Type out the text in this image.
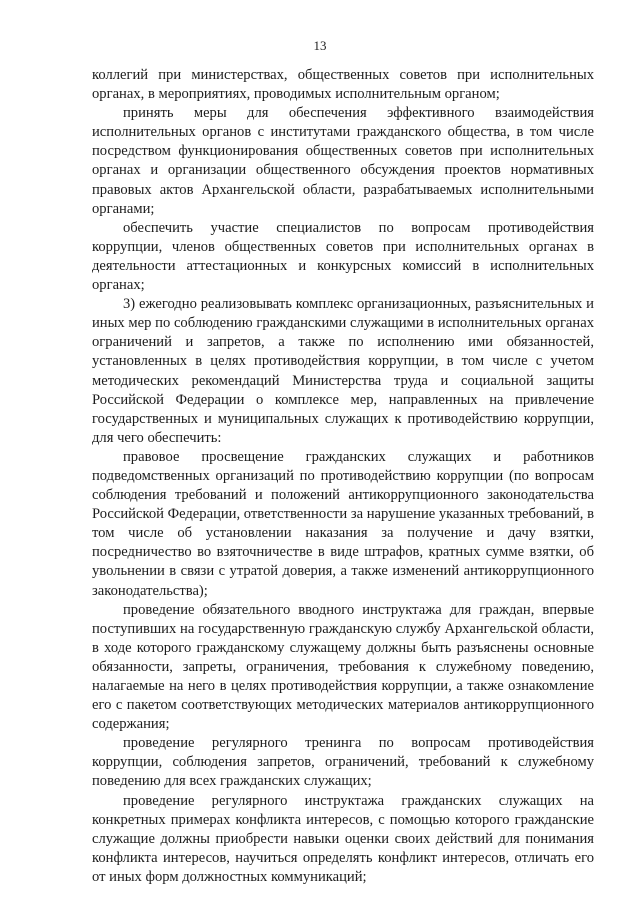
13

коллегий при министерствах, общественных советов при исполнительных органах, в мероприятиях, проводимых исполнительным органом;

принять меры для обеспечения эффективного взаимодействия исполнительных органов с институтами гражданского общества, в том числе посредством функционирования общественных советов при исполнительных органах и организации общественного обсуждения проектов нормативных правовых актов Архангельской области, разрабатываемых исполнительными органами;

обеспечить участие специалистов по вопросам противодействия коррупции, членов общественных советов при исполнительных органах в деятельности аттестационных и конкурсных комиссий в исполнительных органах;

3) ежегодно реализовывать комплекс организационных, разъяснительных и иных мер по соблюдению гражданскими служащими в исполнительных органах ограничений и запретов, а также по исполнению ими обязанностей, установленных в целях противодействия коррупции, в том числе с учетом методических рекомендаций Министерства труда и социальной защиты Российской Федерации о комплексе мер, направленных на привлечение государственных и муниципальных служащих к противодействию коррупции, для чего обеспечить:

правовое просвещение гражданских служащих и работников подведомственных организаций по противодействию коррупции (по вопросам соблюдения требований и положений антикоррупционного законодательства Российской Федерации, ответственности за нарушение указанных требований, в том числе об установлении наказания за получение и дачу взятки, посредничество во взяточничестве в виде штрафов, кратных сумме взятки, об увольнении в связи с утратой доверия, а также изменений антикоррупционного законодательства);

проведение обязательного вводного инструктажа для граждан, впервые поступивших на государственную гражданскую службу Архангельской области, в ходе которого гражданскому служащему должны быть разъяснены основные обязанности, запреты, ограничения, требования к служебному поведению, налагаемые на него в целях противодействия коррупции, а также ознакомление его с пакетом соответствующих методических материалов антикоррупционного содержания;

проведение регулярного тренинга по вопросам противодействия коррупции, соблюдения запретов, ограничений, требований к служебному поведению для всех гражданских служащих;

проведение регулярного инструктажа гражданских служащих на конкретных примерах конфликта интересов, с помощью которого гражданские служащие должны приобрести навыки оценки своих действий для понимания конфликта интересов, научиться определять конфликт интересов, отличать его от иных форм должностных коммуникаций;
